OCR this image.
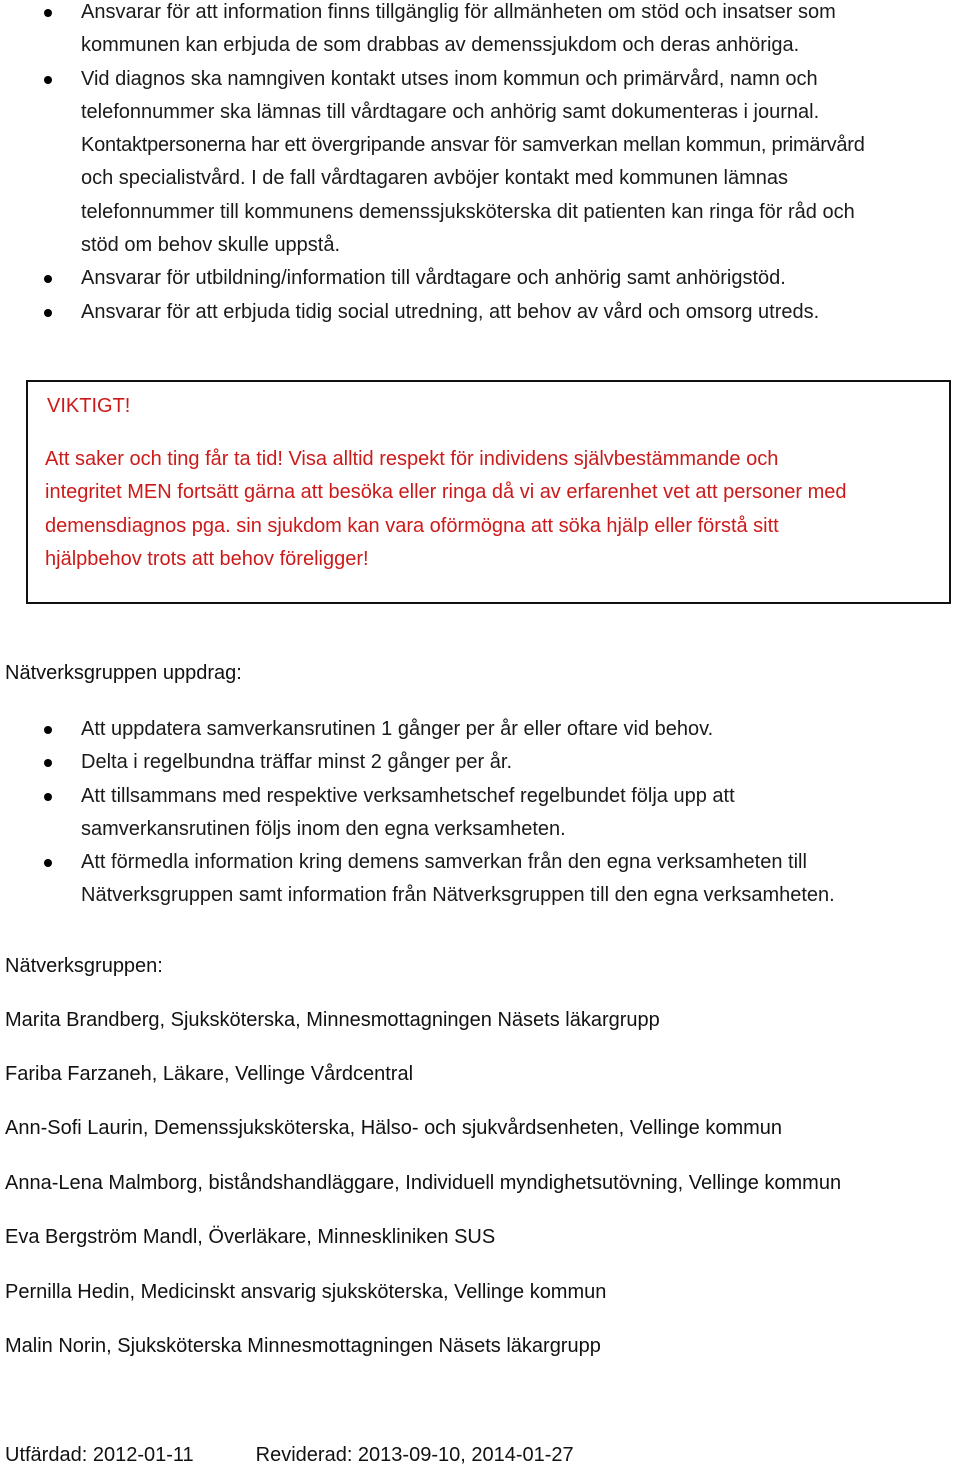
Ansvarar för att information finns tillgänglig för allmänheten om stöd och insatser som
kommunen kan erbjuda de som drabbas av demenssjukdom och deras anhöriga.
Vid diagnos ska namngiven kontakt utses inom kommun och primärvård, namn och
telefonnummer ska lämnas till vårdtagare och anhörig samt dokumenteras i journal.
Kontaktpersonerna har ett övergripande ansvar för samverkan mellan kommun, primärvård
och specialistvård. I de fall vårdtagaren avböjer kontakt med kommunen lämnas
telefonnummer till kommunens demenssjuksköterska dit patienten kan ringa för råd och
stöd om behov skulle uppstå.
Ansvarar för utbildning/information till vårdtagare och anhörig samt anhörigstöd.
Ansvarar för att erbjuda tidig social utredning, att behov av vård och omsorg utreds.
VIKTIGT!
Att saker och ting får ta tid! Visa alltid respekt för individens självbestämmande och
integritet MEN fortsätt gärna att besöka eller ringa då vi av erfarenhet vet att personer med
demensdiagnos pga. sin sjukdom kan vara oförmögna att söka hjälp eller förstå sitt
hjälpbehov trots att behov föreligger!
Nätverksgruppen uppdrag:
Att uppdatera samverkansrutinen 1 gånger per år eller oftare vid behov.
Delta i regelbundna träffar minst 2 gånger per år.
Att tillsammans med respektive verksamhetschef regelbundet följa upp att
samverkansrutinen följs inom den egna verksamheten.
Att förmedla information kring demens samverkan från den egna verksamheten till
Nätverksgruppen samt information från Nätverksgruppen till den egna verksamheten.
Nätverksgruppen:
Marita Brandberg, Sjuksköterska, Minnesmottagningen Näsets läkargrupp
Fariba Farzaneh, Läkare, Vellinge Vårdcentral
Ann-Sofi Laurin, Demenssjuksköterska, Hälso- och sjukvårdsenheten, Vellinge kommun
Anna-Lena Malmborg, biståndshandläggare, Individuell myndighetsutövning, Vellinge kommun
Eva Bergström Mandl, Överläkare, Minneskliniken SUS
Pernilla Hedin, Medicinskt ansvarig sjuksköterska, Vellinge kommun
Malin Norin, Sjuksköterska Minnesmottagningen Näsets läkargrupp
Utfärdad: 2012-01-11	Reviderad: 2013-09-10, 2014-01-27
